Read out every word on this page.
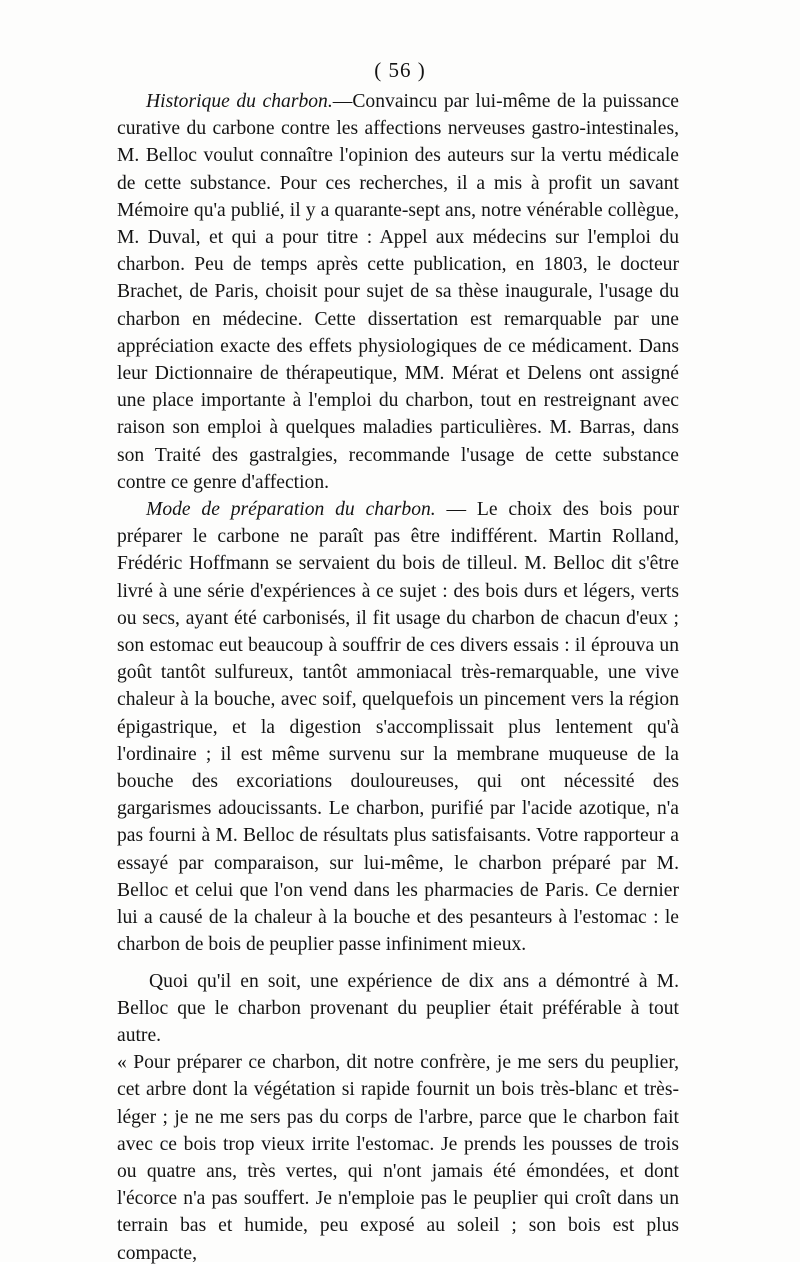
( 56 )

Historique du charbon.—Convaincu par lui-même de la puissance curative du carbone contre les affections nerveuses gastro-intestinales, M. Belloc voulut connaître l'opinion des auteurs sur la vertu médicale de cette substance. Pour ces recherches, il a mis à profit un savant Mémoire qu'a publié, il y a quarante-sept ans, notre vénérable collègue, M. Duval, et qui a pour titre : Appel aux médecins sur l'emploi du charbon. Peu de temps après cette publication, en 1803, le docteur Brachet, de Paris, choisit pour sujet de sa thèse inaugurale, l'usage du charbon en médecine. Cette dissertation est remarquable par une appréciation exacte des effets physiologiques de ce médicament. Dans leur Dictionnaire de thérapeutique, MM. Mérat et Delens ont assigné une place importante à l'emploi du charbon, tout en restreignant avec raison son emploi à quelques maladies particulières. M. Barras, dans son Traité des gastralgies, recommande l'usage de cette substance contre ce genre d'affection.

Mode de préparation du charbon. — Le choix des bois pour préparer le carbone ne paraît pas être indifférent. Martin Rolland, Frédéric Hoffmann se servaient du bois de tilleul. M. Belloc dit s'être livré à une série d'expériences à ce sujet : des bois durs et légers, verts ou secs, ayant été carbonisés, il fit usage du charbon de chacun d'eux ; son estomac eut beaucoup à souffrir de ces divers essais : il éprouva un goût tantôt sulfureux, tantôt ammoniacal très-remarquable, une vive chaleur à la bouche, avec soif, quelquefois un pincement vers la région épigastrique, et la digestion s'accomplissait plus lentement qu'à l'ordinaire ; il est même survenu sur la membrane muqueuse de la bouche des excoriations douloureuses, qui ont nécessité des gargarismes adoucissants. Le charbon, purifié par l'acide azotique, n'a pas fourni à M. Belloc de résultats plus satisfaisants. Votre rapporteur a essayé par comparaison, sur lui-même, le charbon préparé par M. Belloc et celui que l'on vend dans les pharmacies de Paris. Ce dernier lui a causé de la chaleur à la bouche et des pesanteurs à l'estomac : le charbon de bois de peuplier passe infiniment mieux.

Quoi qu'il en soit, une expérience de dix ans a démontré à M. Belloc que le charbon provenant du peuplier était préférable à tout autre.

« Pour préparer ce charbon, dit notre confrère, je me sers du peuplier, cet arbre dont la végétation si rapide fournit un bois très-blanc et très-léger ; je ne me sers pas du corps de l'arbre, parce que le charbon fait avec ce bois trop vieux irrite l'estomac. Je prends les pousses de trois ou quatre ans, très vertes, qui n'ont jamais été émondées, et dont l'écorce n'a pas souffert. Je n'emploie pas le peuplier qui croît dans un terrain bas et humide, peu exposé au soleil ; son bois est plus compacte,
